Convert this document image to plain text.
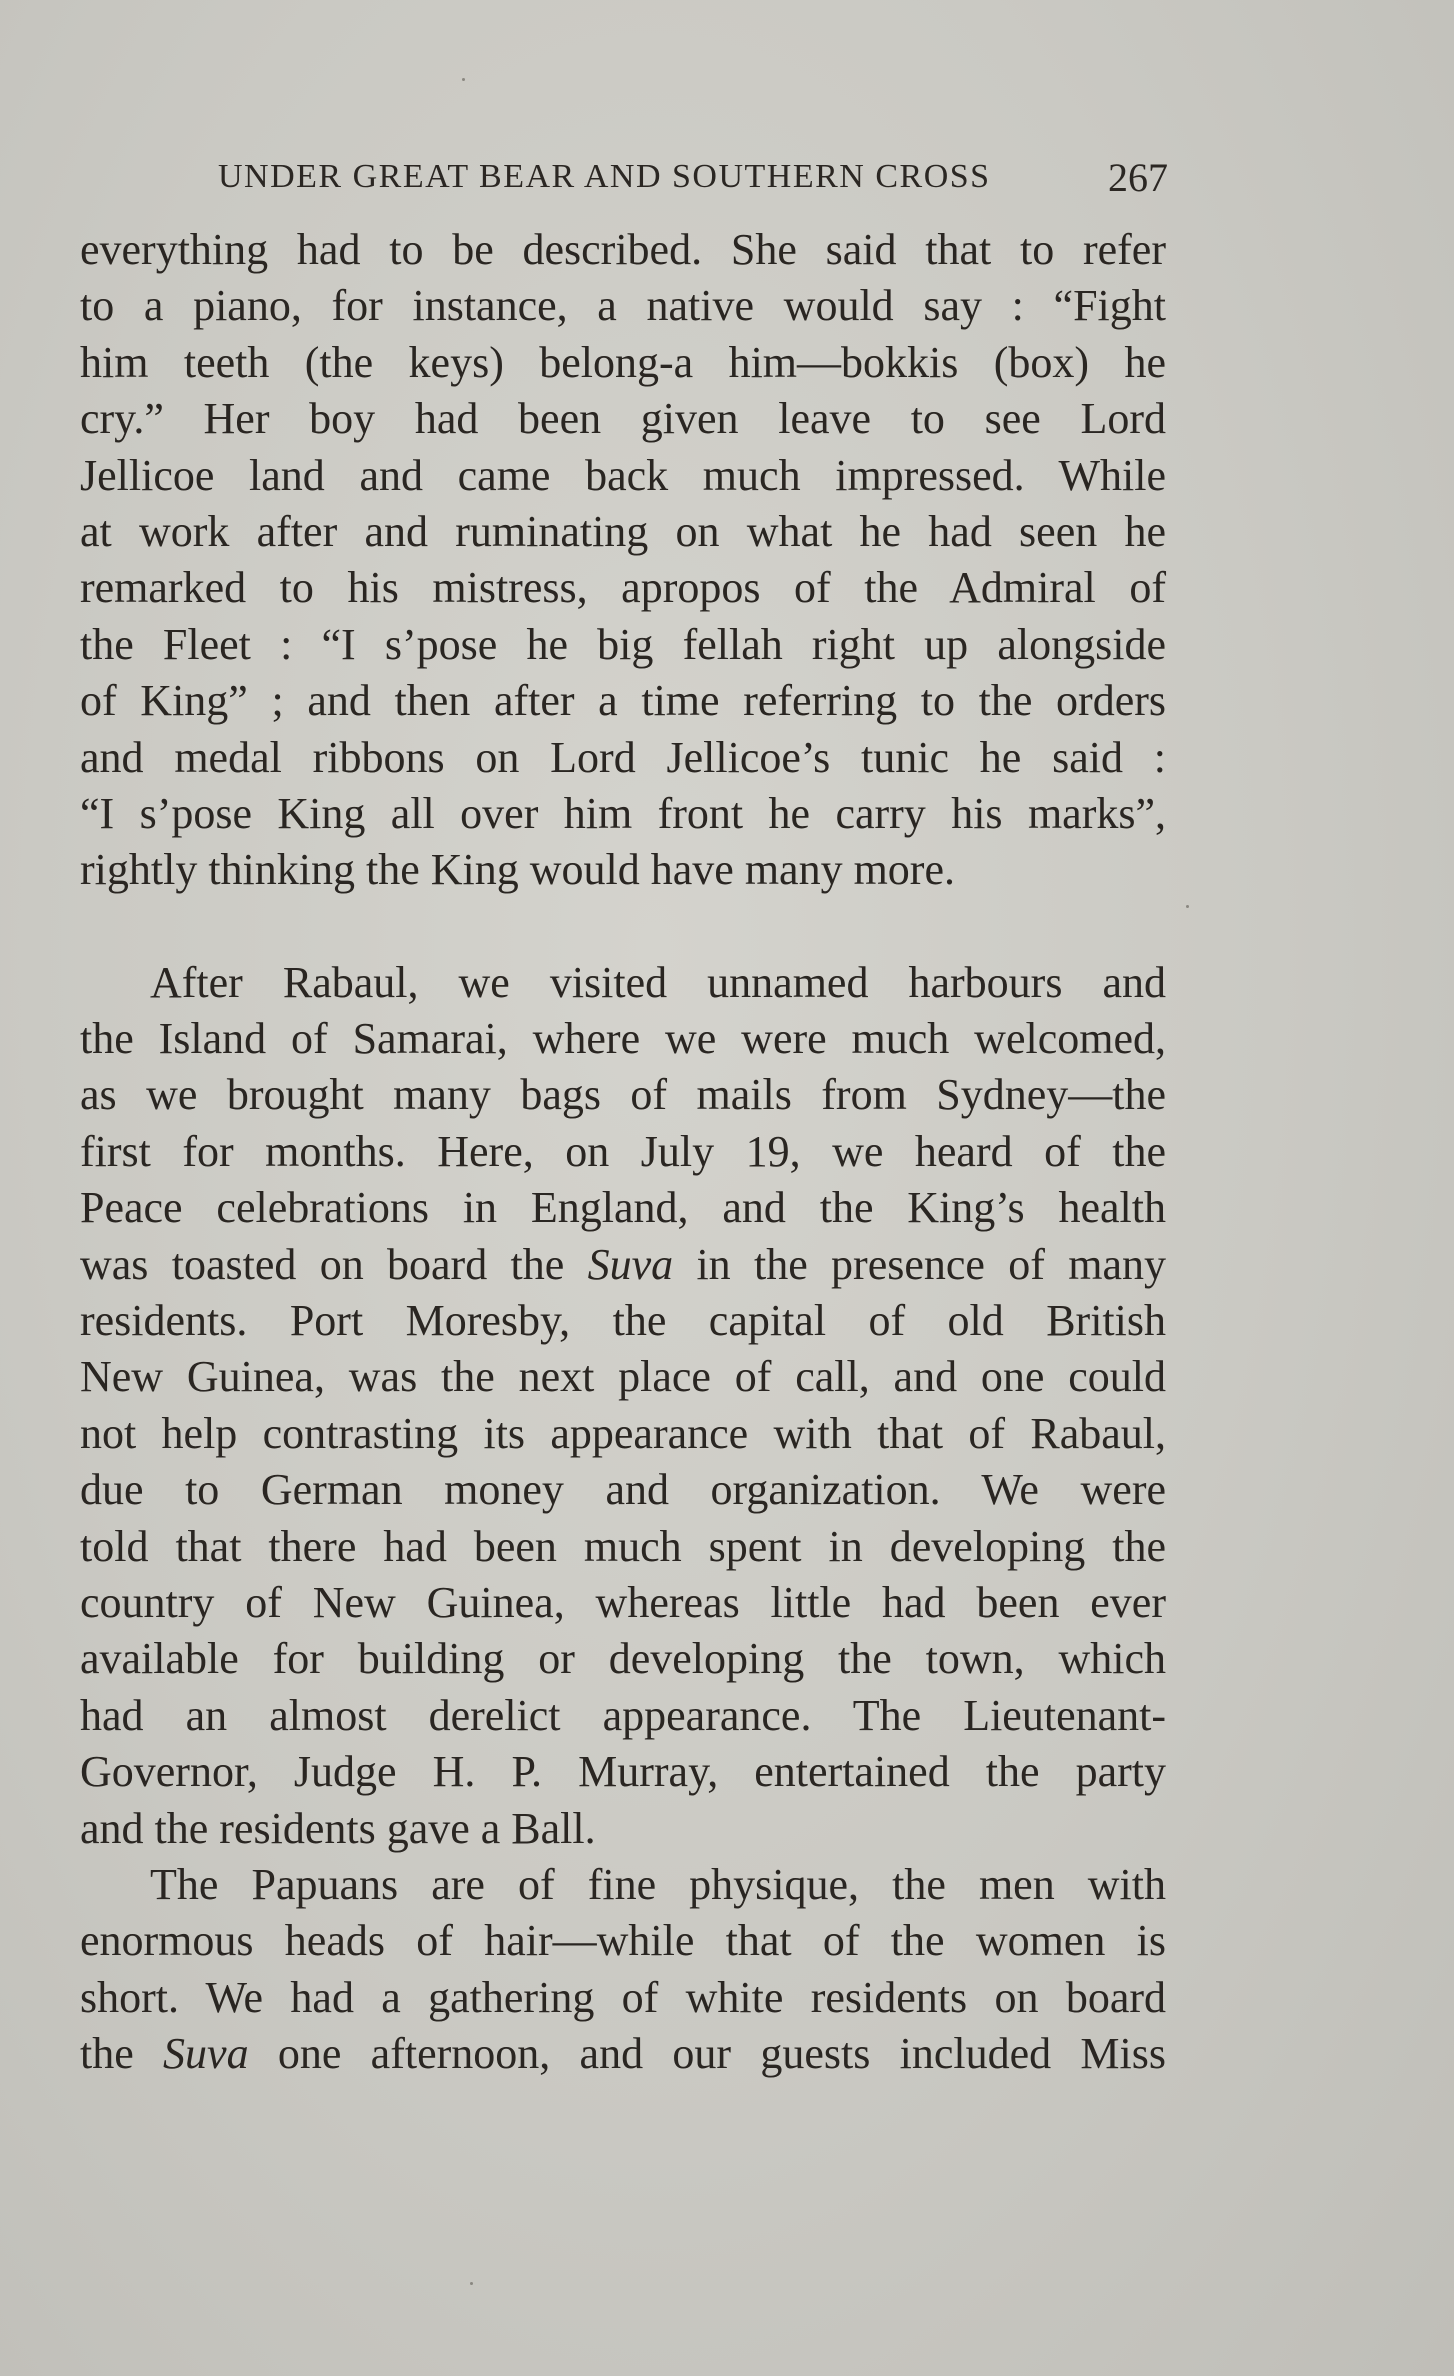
UNDER GREAT BEAR AND SOUTHERN CROSS	267
everything had to be described. She said that to refer
to a piano, for instance, a native would say : “Fight
him teeth (the keys) belong-a him—bokkis (box) he
cry.” Her boy had been given leave to see Lord
Jellicoe land and came back much impressed. While
at work after and ruminating on what he had seen he
remarked to his mistress, apropos of the Admiral of
the Fleet : “I s’pose he big fellah right up alongside
of King” ; and then after a time referring to the orders
and medal ribbons on Lord Jellicoe’s tunic he said :
“I s’pose King all over him front he carry his marks”,
rightly thinking the King would have many more.
After Rabaul, we visited unnamed harbours and
the Island of Samarai, where we were much welcomed,
as we brought many bags of mails from Sydney—the
first for months. Here, on July 19, we heard of the
Peace celebrations in England, and the King’s health
was toasted on board the Suva in the presence of many
residents. Port Moresby, the capital of old British
New Guinea, was the next place of call, and one could
not help contrasting its appearance with that of Rabaul,
due to German money and organization. We were
told that there had been much spent in developing the
country of New Guinea, whereas little had been ever
available for building or developing the town, which
had an almost derelict appearance. The Lieutenant-
Governor, Judge H. P. Murray, entertained the party
and the residents gave a Ball.
The Papuans are of fine physique, the men with
enormous heads of hair—while that of the women is
short. We had a gathering of white residents on board
the Suva one afternoon, and our guests included Miss
